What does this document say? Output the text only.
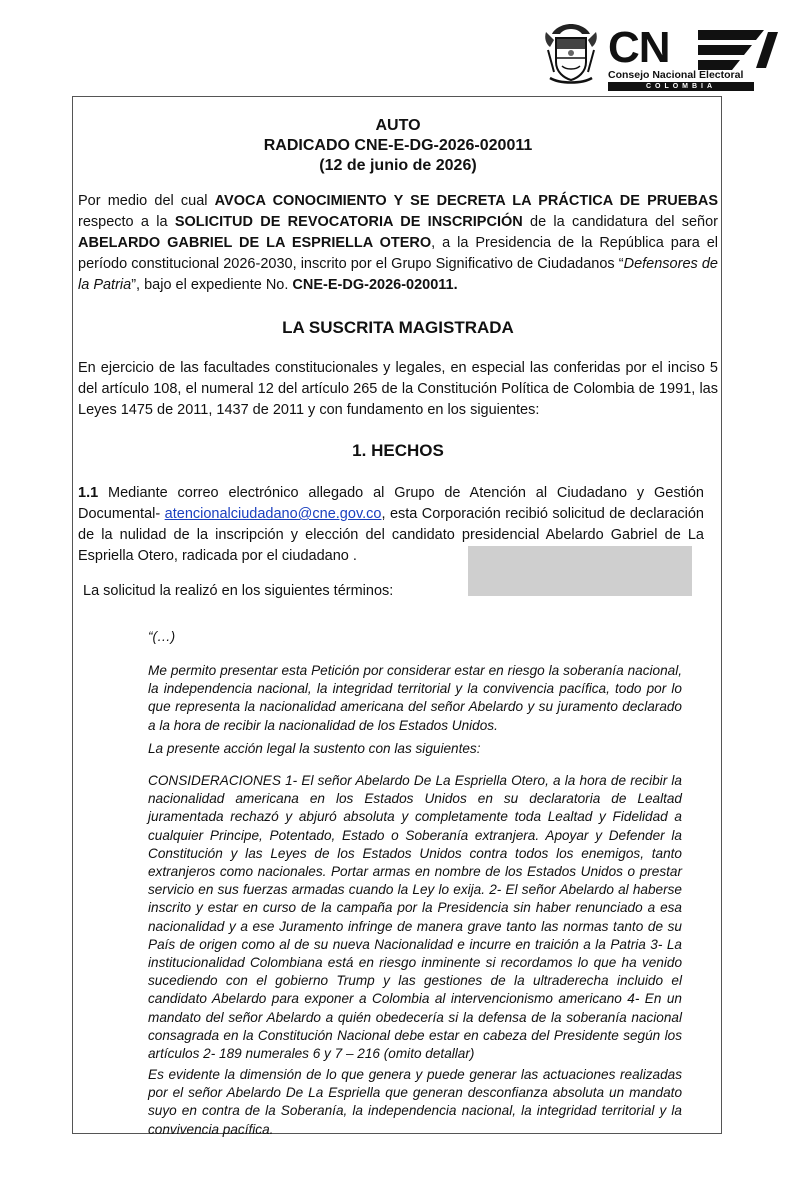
CN
Consejo Nacional Electoral
COLOMBIA
AUTO
RADICADO CNE-E-DG-2026-020011
(12 de junio de 2026)

Por medio del cual AVOCA CONOCIMIENTO Y SE DECRETA LA PRÁCTICA DE PRUEBAS respecto a la SOLICITUD DE REVOCATORIA DE INSCRIPCIÓN de la candidatura del señor ABELARDO GABRIEL DE LA ESPRIELLA OTERO, a la Presidencia de la República para el período constitucional 2026-2030, inscrito por el Grupo Significativo de Ciudadanos “Defensores de la Patria”, bajo el expediente No. CNE-E-DG-2026-020011.

LA SUSCRITA MAGISTRADA

En ejercicio de las facultades constitucionales y legales, en especial las conferidas por el inciso 5 del artículo 108, el numeral 12 del artículo 265 de la Constitución Política de Colombia de 1991, las Leyes 1475 de 2011, 1437 de 2011 y con fundamento en los siguientes:

1. HECHOS

1.1 Mediante correo electrónico allegado al Grupo de Atención al Ciudadano y Gestión Documental- atencionalciudadano@cne.gov.co, esta Corporación recibió solicitud de declaración de la nulidad de la inscripción y elección del candidato presidencial Abelardo Gabriel de La Espriella Otero, radicada por el ciudadano .

La solicitud la realizó en los siguientes términos:

“(…)
Me permito presentar esta Petición por considerar estar en riesgo la soberanía nacional, la independencia nacional, la integridad territorial y la convivencia pacífica, todo por lo que representa la nacionalidad americana del señor Abelardo y su juramento declarado a la hora de recibir la nacionalidad de los Estados Unidos.
La presente acción legal la sustento con las siguientes:
CONSIDERACIONES 1- El señor Abelardo De La Espriella Otero, a la hora de recibir la nacionalidad americana en los Estados Unidos en su declaratoria de Lealtad juramentada rechazó y abjuró absoluta y completamente toda Lealtad y Fidelidad a cualquier Principe, Potentado, Estado o Soberanía extranjera. Apoyar y Defender la Constitución y las Leyes de los Estados Unidos contra todos los enemigos, tanto extranjeros como nacionales. Portar armas en nombre de los Estados Unidos o prestar servicio en sus fuerzas armadas cuando la Ley lo exija. 2- El señor Abelardo al haberse inscrito y estar en curso de la campaña por la Presidencia sin haber renunciado a esa nacionalidad y a ese Juramento infringe de manera grave tanto las normas tanto de su País de origen como al de su nueva Nacionalidad e incurre en traición a la Patria 3- La institucionalidad Colombiana está en riesgo inminente si recordamos lo que ha venido sucediendo con el gobierno Trump y las gestiones de la ultraderecha incluido el candidato Abelardo para exponer a Colombia al intervencionismo americano 4- En un mandato del señor Abelardo a quién obedecería si la defensa de la soberanía nacional consagrada en la Constitución Nacional debe estar en cabeza del Presidente según los artículos 2- 189 numerales 6 y 7 – 216 (omito detallar)
Es evidente la dimensión de lo que genera y puede generar las actuaciones realizadas por el señor Abelardo De La Espriella que generan desconfianza absoluta un mandato suyo en contra de la Soberanía, la independencia nacional, la integridad territorial y la convivencia pacífica.
